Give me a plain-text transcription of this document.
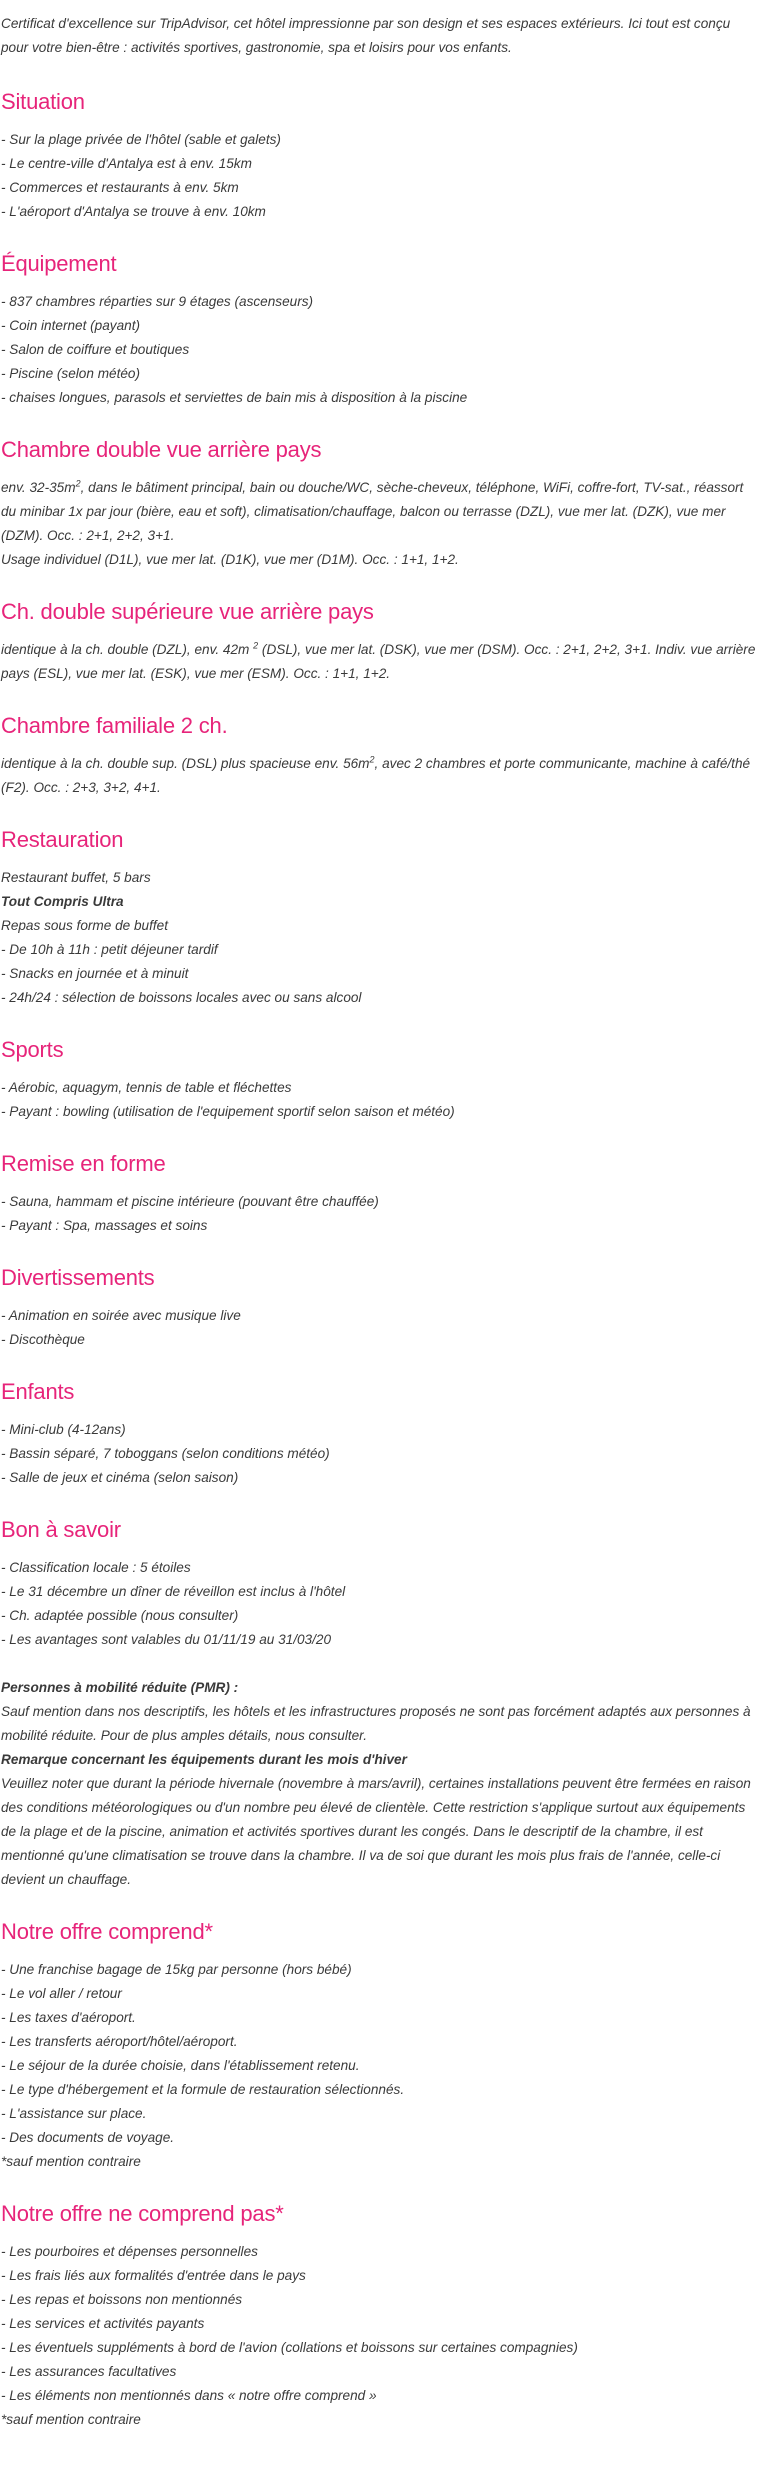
Certificat d'excellence sur TripAdvisor, cet hôtel impressionne par son design et ses espaces extérieurs. Ici tout est conçu pour votre bien-être : activités sportives, gastronomie, spa et loisirs pour vos enfants.

Situation
- Sur la plage privée de l'hôtel (sable et galets)
- Le centre-ville d'Antalya est à env. 15km
- Commerces et restaurants à env. 5km
- L'aéroport d'Antalya se trouve à env. 10km
Équipement
- 837 chambres réparties sur 9 étages (ascenseurs)
- Coin internet (payant)
- Salon de coiffure et boutiques
- Piscine (selon météo)
- chaises longues, parasols et serviettes de bain mis à disposition à la piscine
Chambre double vue arrière pays

env. $32-35m^2$, dans le bâtiment principal, bain ou douche/WC, sèche-cheveux, téléphone, WiFi, coffre-fort, TV-sat., réassort du minibar 1x par jour (bière, eau et soft), climatisation/chauffage, balcon ou terrasse (DZL), vue mer lat. (DZK), vue mer (DZM). Occ. : 2+1, 2+2, 3+1.

Usage individuel (D1L), vue mer lat. (D1K), vue mer (D1M). Occ. : 1+1, 1+2.

Ch. double supérieure vue arrière pays

identique à la ch. double (DZL), env. 42m $^2$ (DSL), vue mer lat. (DSK), vue mer (DSM). Occ. : 2+1, 2+2, 3+1. Indiv. vue arrière pays (ESL), vue mer lat. (ESK), vue mer (ESM). Occ. : 1+1, 1+2.

Chambre familiale 2 ch.

identique à la ch. double sup. (DSL) plus spacieuse env. $56m^2$, avec 2 chambres et porte communicante, machine à café/thé (F2). Occ. : 2+3, 3+2, 4+1.

Restauration

Restaurant buffet, 5 bars

Tout Compris Ultra

Repas sous forme de buffet

- De 10h à 11h : petit déjeuner tardif
- Snacks en journée et à minuit
- 24h/24 : sélection de boissons locales avec ou sans alcool
Sports
- Aérobic, aquagym, tennis de table et fléchettes
- Payant : bowling (utilisation de l'equipement sportif selon saison et météo)
Remise en forme
- Sauna, hammam et piscine intérieure (pouvant être chauffée)
- Payant : Spa, massages et soins
Divertissements
- Animation en soirée avec musique live
- Discothèque
Enfants
- Mini-club (4-12ans)
- Bassin séparé, 7 toboggans (selon conditions météo)
- Salle de jeux et cinéma (selon saison)
Bon à savoir
- Classification locale : 5 étoiles
- Le 31 décembre un dîner de réveillon est inclus à l'hôtel
- Ch. adaptée possible (nous consulter)
- Les avantages sont valables du 01/11/19 au 31/03/20

Personnes à mobilité réduite (PMR) :

Sauf mention dans nos descriptifs, les hôtels et les infrastructures proposés ne sont pas forcément adaptés aux personnes à mobilité réduite. Pour de plus amples détails, nous consulter.

Remarque concernant les équipements durant les mois d'hiver

Veuillez noter que durant la période hivernale (novembre à mars/avril), certaines installations peuvent être fermées en raison des conditions météorologiques ou d'un nombre peu élevé de clientèle. Cette restriction s'applique surtout aux équipements de la plage et de la piscine, animation et activités sportives durant les congés. Dans le descriptif de la chambre, il est mentionné qu'une climatisation se trouve dans la chambre. Il va de soi que durant les mois plus frais de l'année, celle-ci devient un chauffage.

Notre offre comprend*
- Une franchise bagage de 15kg par personne (hors bébé)
- Le vol aller / retour
- Les taxes d'aéroport.
- Les transferts aéroport/hôtel/aéroport.
- Le séjour de la durée choisie, dans l'établissement retenu.
- Le type d'hébergement et la formule de restauration sélectionnés.
- L'assistance sur place.
- Des documents de voyage.

*sauf mention contraire

Notre offre ne comprend pas*
- Les pourboires et dépenses personnelles
- Les frais liés aux formalités d'entrée dans le pays
- Les repas et boissons non mentionnés
- Les services et activités payants
- Les éventuels suppléments à bord de l'avion (collations et boissons sur certaines compagnies)
- Les assurances facultatives
- Les éléments non mentionnés dans « notre offre comprend »

*sauf mention contraire
